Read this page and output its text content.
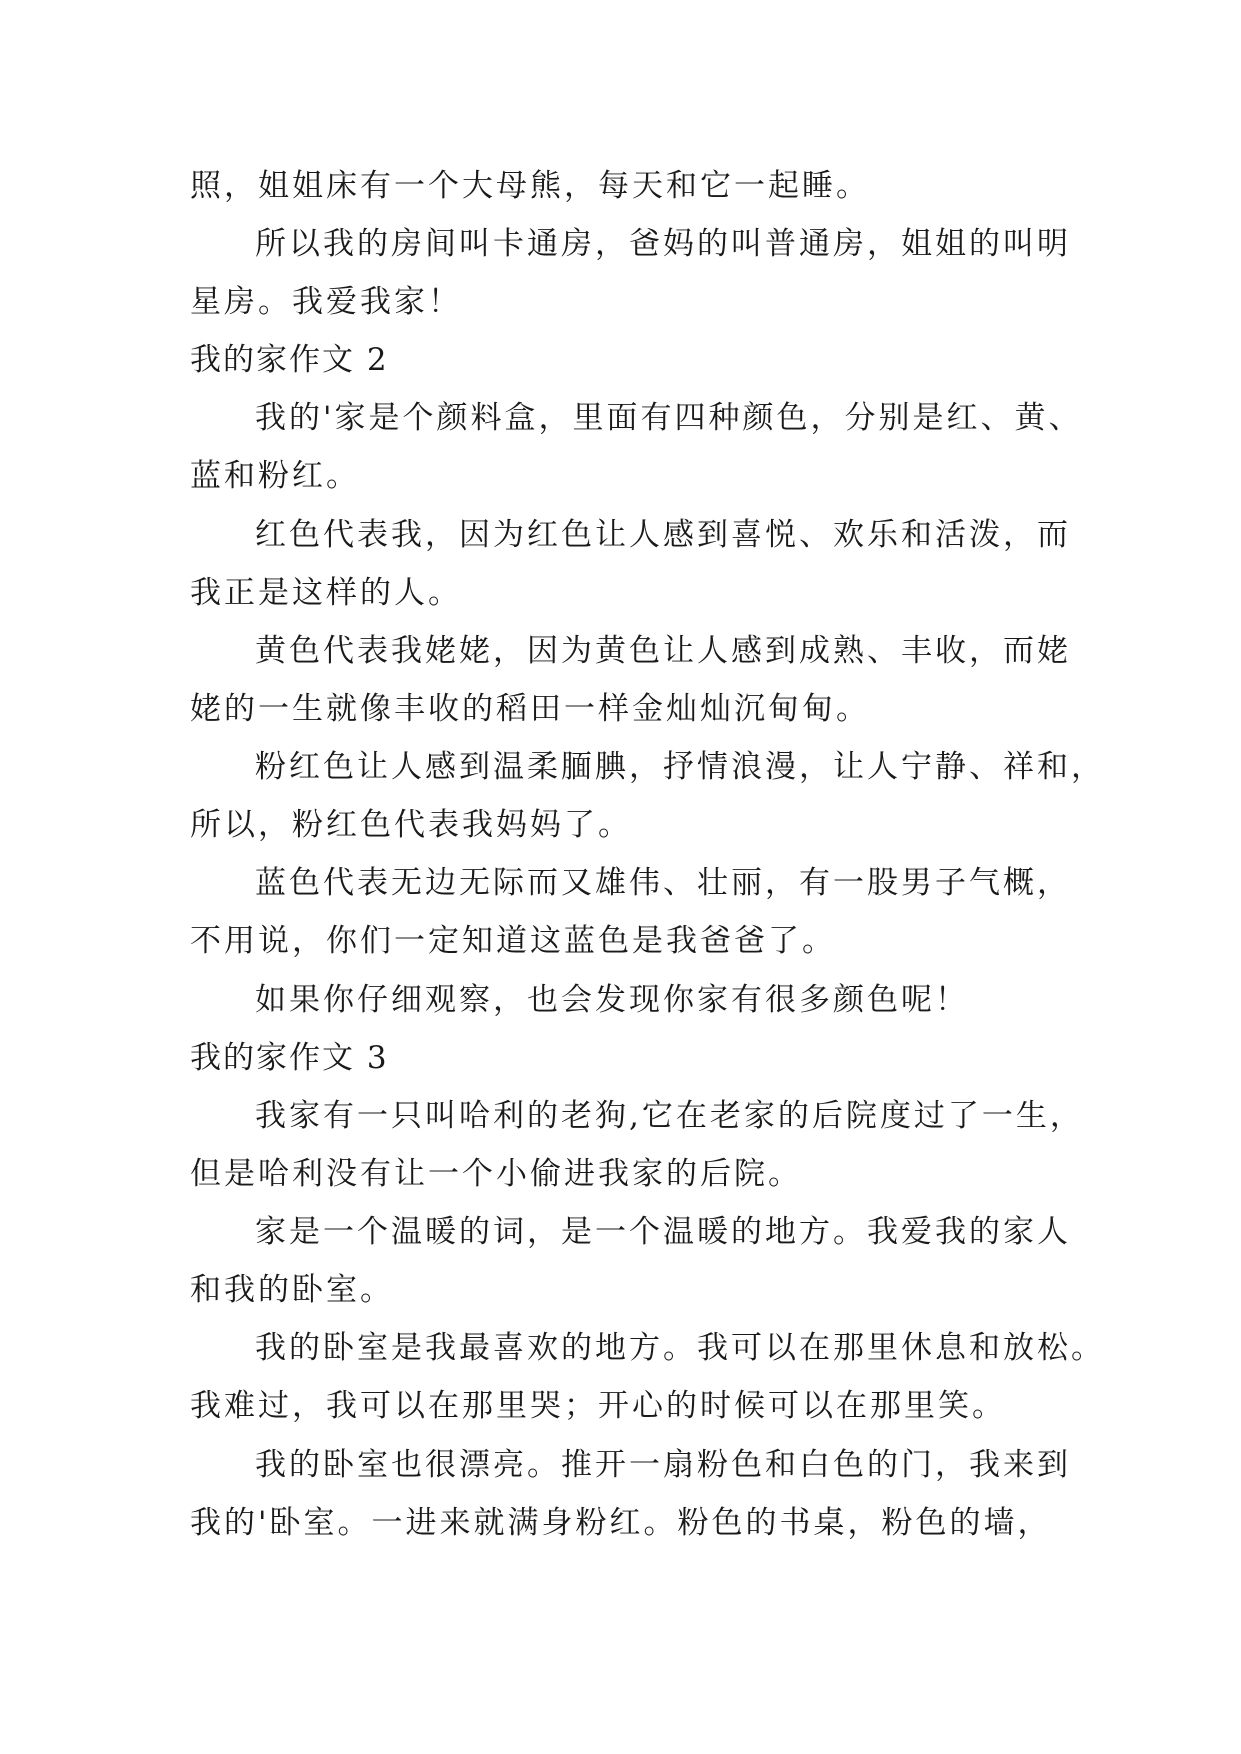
照，姐姐床有一个大母熊，每天和它一起睡。
所以我的房间叫卡通房，爸妈的叫普通房，姐姐的叫明
星房。我爱我家！
我的家作文 2
我的'家是个颜料盒，里面有四种颜色，分别是红、黄、
蓝和粉红。
红色代表我，因为红色让人感到喜悦、欢乐和活泼，而
我正是这样的人。
黄色代表我姥姥，因为黄色让人感到成熟、丰收，而姥
姥的一生就像丰收的稻田一样金灿灿沉甸甸。
粉红色让人感到温柔腼腆，抒情浪漫，让人宁静、祥和，
所以，粉红色代表我妈妈了。
蓝色代表无边无际而又雄伟、壮丽，有一股男子气概，
不用说，你们一定知道这蓝色是我爸爸了。
如果你仔细观察，也会发现你家有很多颜色呢！
我的家作文 3
我家有一只叫哈利的老狗,它在老家的后院度过了一生，
但是哈利没有让一个小偷进我家的后院。
家是一个温暖的词，是一个温暖的地方。我爱我的家人
和我的卧室。
我的卧室是我最喜欢的地方。我可以在那里休息和放松。
我难过，我可以在那里哭；开心的时候可以在那里笑。
我的卧室也很漂亮。推开一扇粉色和白色的门，我来到
我的'卧室。一进来就满身粉红。粉色的书桌，粉色的墙，
